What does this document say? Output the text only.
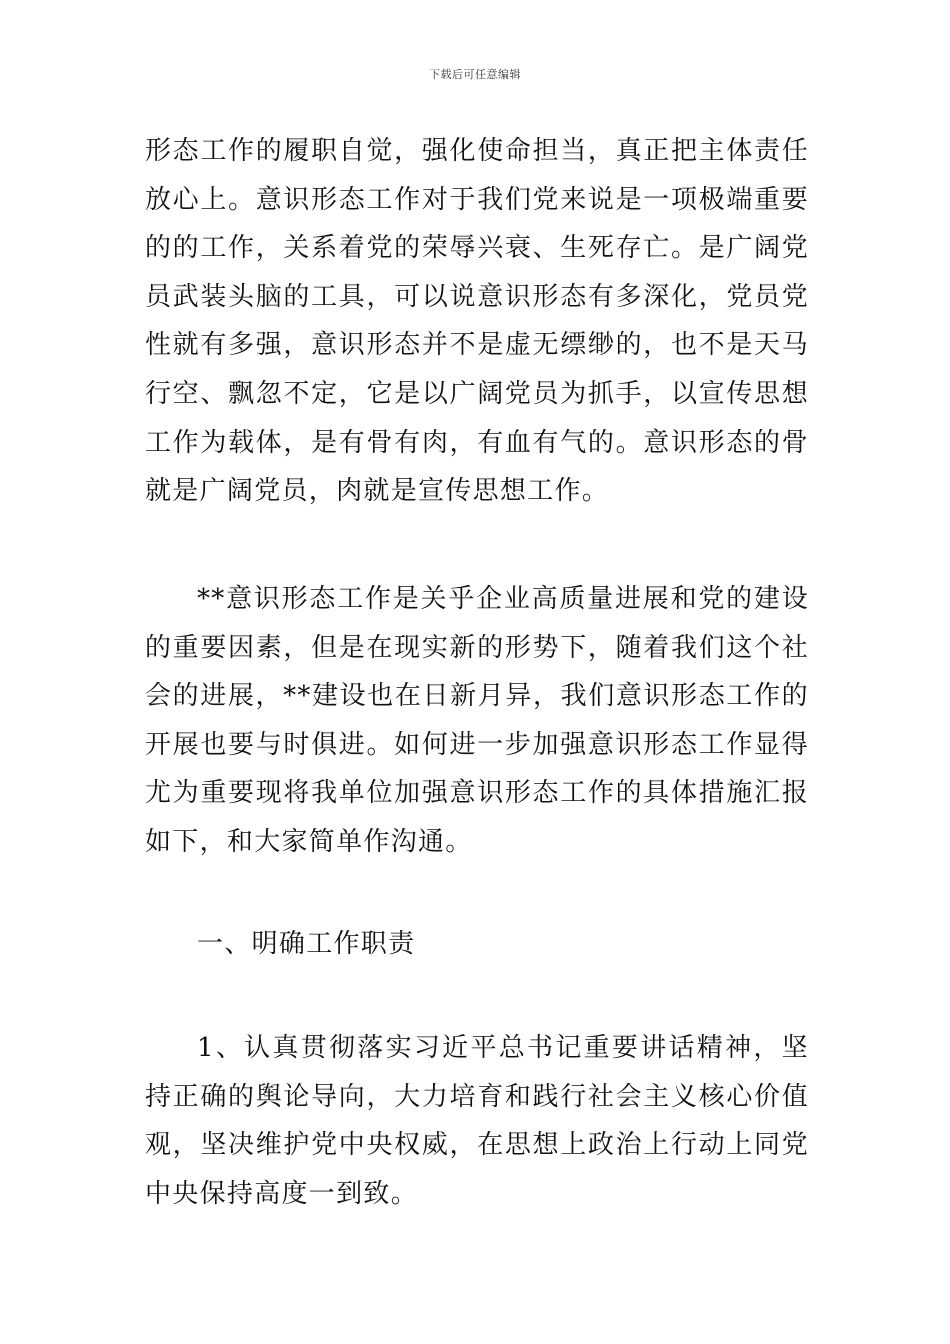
下载后可任意编辑

形态工作的履职自觉，强化使命担当，真正把主体责任放心上。意识形态工作对于我们党来说是一项极端重要的的工作，关系着党的荣辱兴衰、生死存亡。是广阔党员武装头脑的工具，可以说意识形态有多深化，党员党性就有多强，意识形态并不是虚无缥缈的，也不是天马行空、飘忽不定，它是以广阔党员为抓手，以宣传思想工作为载体，是有骨有肉，有血有气的。意识形态的骨就是广阔党员，肉就是宣传思想工作。

**意识形态工作是关乎企业高质量进展和党的建设的重要因素，但是在现实新的形势下，随着我们这个社会的进展，**建设也在日新月异，我们意识形态工作的开展也要与时俱进。如何进一步加强意识形态工作显得尤为重要现将我单位加强意识形态工作的具体措施汇报如下，和大家简单作沟通。

一、明确工作职责

1、认真贯彻落实习近平总书记重要讲话精神，坚持正确的舆论导向，大力培育和践行社会主义核心价值观，坚决维护党中央权威，在思想上政治上行动上同党中央保持高度一到致。
